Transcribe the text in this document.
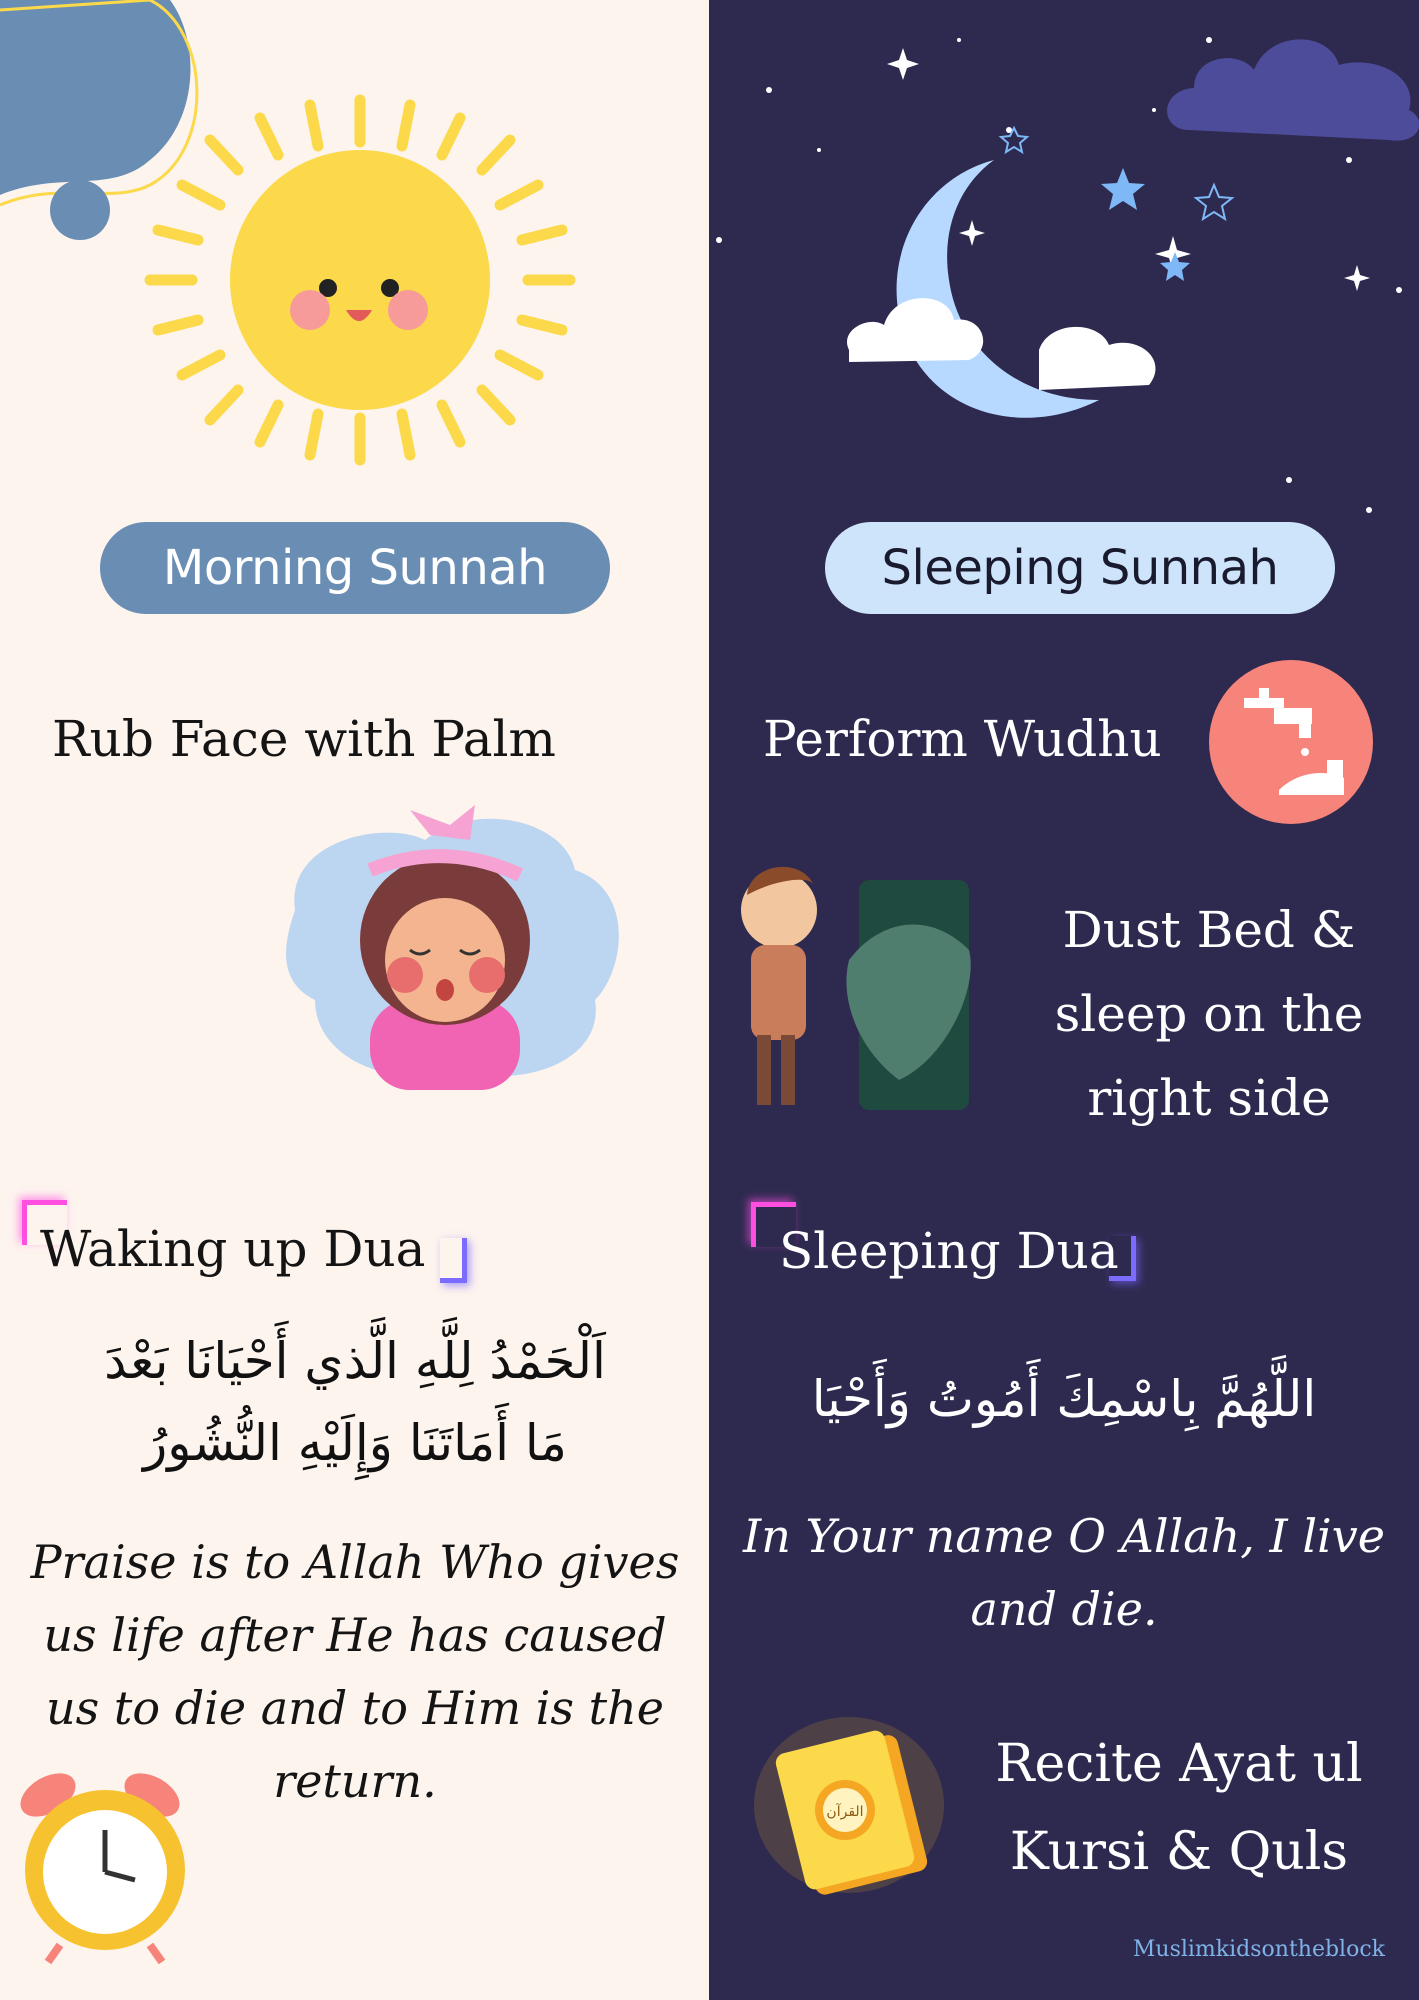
Morning Sunnah
Rub Face with Palm
Waking up Dua
اَلْحَمْدُ لِلَّهِ الَّذي أَحْيَانَا بَعْدَ
مَا أَمَاتَنَا وَإِلَيْهِ النُّشُورُ
Praise is to Allah Who gives us life after He has caused us to die and to Him is the return.
Sleeping Sunnah
Perform Wudhu
Dust Bed &
sleep on the
right side
Sleeping Dua
اللَّهُمَّ بِاسْمِكَ أَمُوتُ وَأَحْيَا
In Your name O Allah, I live and die.
القرآن
Recite Ayat ul
Kursi & Quls
Muslimkidsontheblock
